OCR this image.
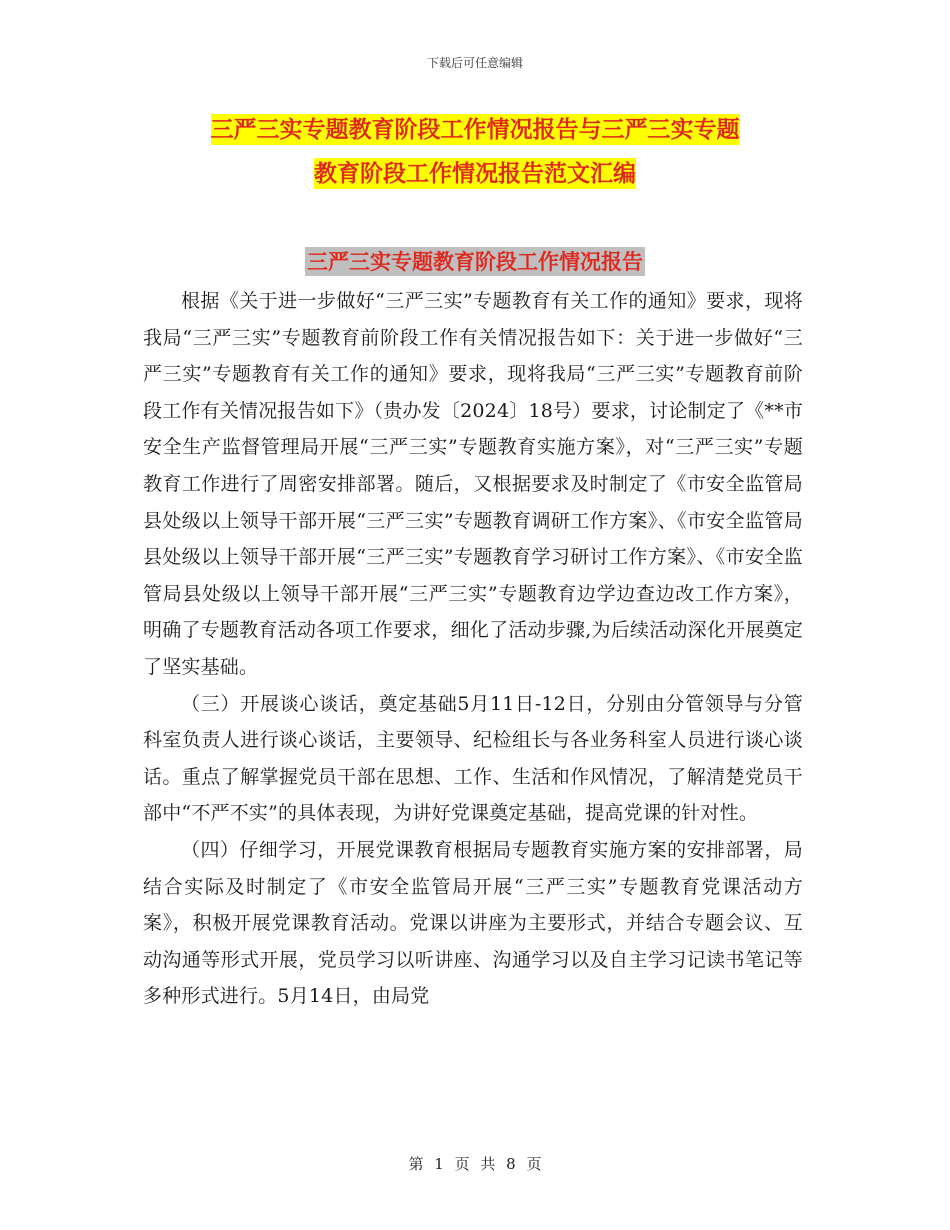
下载后可任意编辑
三严三实专题教育阶段工作情况报告与三严三实专题
教育阶段工作情况报告范文汇编
三严三实专题教育阶段工作情况报告

根据《关于进一步做好“三严三实”专题教育有关工作的通知》要求，现将我局“三严三实”专题教育前阶段工作有关情况报告如下：关于进一步做好“三严三实”专题教育有关工作的通知》要求，现将我局“三严三实”专题教育前阶段工作有关情况报告如下》（贵办发〔2024〕18号）要求，讨论制定了《**市安全生产监督管理局开展“三严三实”专题教育实施方案》，对“三严三实”专题教育工作进行了周密安排部署。随后，又根据要求及时制定了《市安全监管局县处级以上领导干部开展“三严三实”专题教育调研工作方案》、《市安全监管局县处级以上领导干部开展“三严三实”专题教育学习研讨工作方案》、《市安全监管局县处级以上领导干部开展“三严三实”专题教育边学边查边改工作方案》，明确了专题教育活动各项工作要求，细化了活动步骤,为后续活动深化开展奠定了坚实基础。

（三）开展谈心谈话，奠定基础5月11日-12日，分别由分管领导与分管科室负责人进行谈心谈话，主要领导、纪检组长与各业务科室人员进行谈心谈话。重点了解掌握党员干部在思想、工作、生活和作风情况，了解清楚党员干部中“不严不实”的具体表现，为讲好党课奠定基础，提高党课的针对性。

（四）仔细学习，开展党课教育根据局专题教育实施方案的安排部署，局结合实际及时制定了《市安全监管局开展“三严三实”专题教育党课活动方案》，积极开展党课教育活动。党课以讲座为主要形式，并结合专题会议、互动沟通等形式开展，党员学习以听讲座、沟通学习以及自主学习记读书笔记等多种形式进行。5月14日，由局党

第 1 页 共 8 页
